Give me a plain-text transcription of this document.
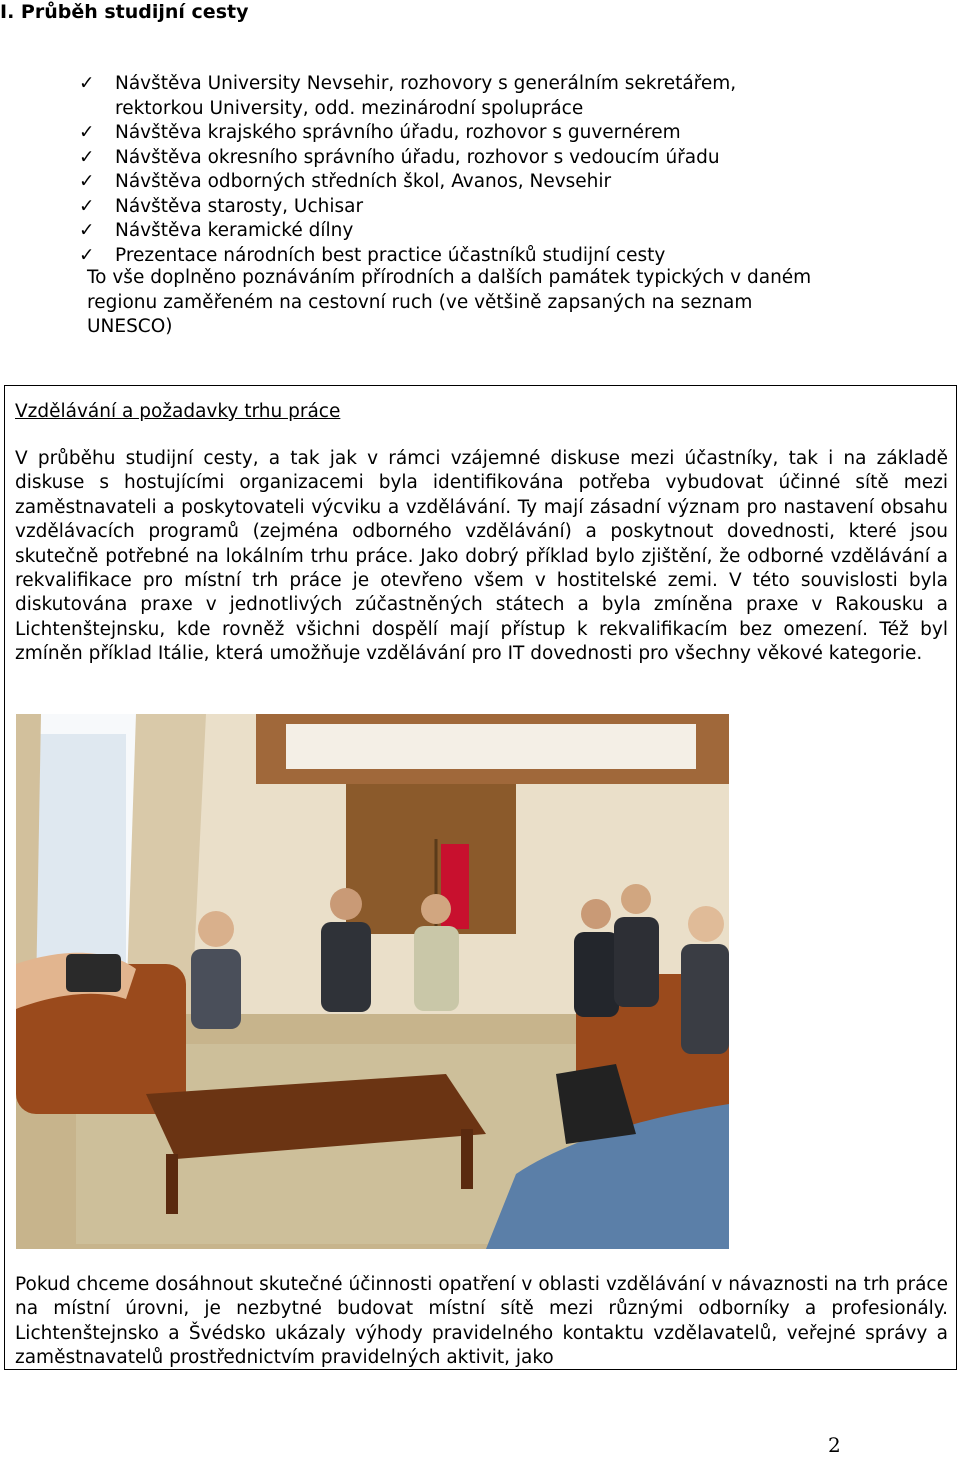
I. Průběh studijní cesty
✓ Návštěva University Nevsehir, rozhovory s generálním sekretářem, rektorkou University, odd. mezinárodní spolupráce
✓ Návštěva krajského správního úřadu, rozhovor s guvernérem
✓ Návštěva okresního správního úřadu, rozhovor s vedoucím úřadu
✓ Návštěva odborných středních škol, Avanos, Nevsehir
✓ Návštěva starosty, Uchisar
✓ Návštěva keramické dílny
✓ Prezentace národních best practice účastníků studijní cesty

To vše doplněno poznáváním přírodních a dalších památek typických v daném regionu zaměřeném na cestovní ruch (ve většině zapsaných na seznam UNESCO)

Vzdělávání a požadavky trhu práce

V průběhu studijní cesty, a tak jak v rámci vzájemné diskuse mezi účastníky, tak i na základě diskuse s hostujícími organizacemi byla identifikována potřeba vybudovat účinné sítě mezi zaměstnavateli a poskytovateli výcviku a vzdělávání. Ty mají zásadní význam pro nastavení obsahu vzdělávacích programů (zejména odborného vzdělávání) a poskytnout dovednosti, které jsou skutečně potřebné na lokálním trhu práce. Jako dobrý příklad bylo zjištění, že odborné vzdělávání a rekvalifikace pro místní trh práce je otevřeno všem v hostitelské zemi. V této souvislosti byla diskutována praxe v jednotlivých zúčastněných státech a byla zmíněna praxe v Rakousku a Lichtenštejnsku, kde rovněž všichni dospělí mají přístup k rekvalifikacím bez omezení. Též byl zmíněn příklad Itálie, která umožňuje vzdělávání pro IT dovednosti pro všechny věkové kategorie.

Pokud chceme dosáhnout skutečné účinnosti opatření v oblasti vzdělávání v návaznosti na trh práce na místní úrovni, je nezbytné budovat místní sítě mezi různými odborníky a profesionály. Lichtenštejnsko a Švédsko ukázaly výhody pravidelného kontaktu vzdělavatelů, veřejné správy a zaměstnavatelů prostřednictvím pravidelných aktivit, jako

2
